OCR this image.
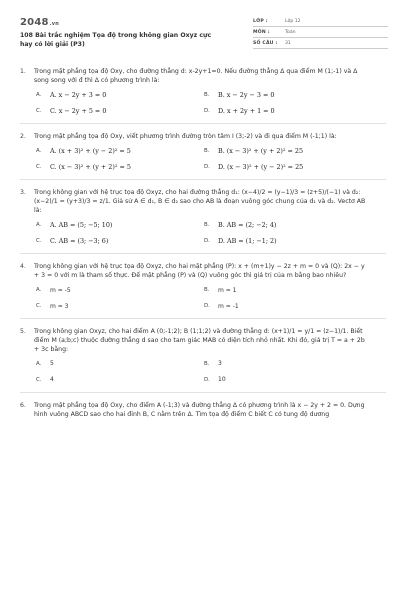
2048.vn
108 Bài trắc nghiệm Tọa độ trong không gian Oxyz cực hay có lời giải (P3)
LỚP :	Lớp 12
MÔN :	Toán
SỐ CÂU : 31
1. Trong mặt phẳng tọa độ Oxy, cho đường thẳng d: x-2y+1=0. Nếu đường thẳng Δ qua điểm M (1;-1) và Δ song song với đ thì Δ có phương trình là:
A. A. x − 2y + 3 = 0	B. B. x − 2y − 3 = 0
C. C. x − 2y + 5 = 0	D. D. x + 2y + 1 = 0
2. Trong mặt phẳng tọa độ Oxy, viết phương trình đường tròn tâm I (3;-2) và đi qua điểm M (-1;1) là:
A. A. (x + 3)² + (y − 2)² = 5	B. B. (x − 3)² + (y + 2)² = 25
C. C. (x − 3)² + (y + 2)² = 5	D. D. (x − 3)² + (y − 2)² = 25
3. Trong không gian với hệ trục tọa độ Oxyz, cho hai đường thẳng d₁: (x−4)/2 = (y−1)/3 = (z+5)/(−1) và d₂: (x−2)/1 = (y+3)/3 = z/1. Giả sử A ∈ d₁, B ∈ d₂ sao cho AB là đoạn vuông góc chung của d₁ và d₂. Vectơ AB là:
A. A. AB = (5; −5; 10)	B. B. AB = (2; −2; 4)
C. C. AB = (3; −3; 6)	D. D. AB = (1; −1; 2)
4. Trong không gian với hệ trục tọa độ Oxyz, cho hai mặt phẳng (P): x + (m+1)y − 2z + m = 0 và (Q): 2x − y + 3 = 0 với m là tham số thực. Để mặt phẳng (P) và (Q) vuông góc thì giá trị của m bằng bao nhiêu?
A. m = -5	B. m = 1
C. m = 3	D. m = -1
5. Trong không gian Oxyz, cho hai điểm A (0;-1;2); B (1;1;2) và đường thẳng d: (x+1)/1 = y/1 = (z−1)/1. Biết điểm M (a;b;c) thuộc đường thẳng d sao cho tam giác MAB có diện tích nhỏ nhất. Khi đó, giá trị T = a + 2b + 3c bằng:
A. 5	B. 3
C. 4	D. 10
6. Trong mặt phẳng tọa độ Oxy, cho điểm A (-1;3) và đường thẳng Δ có phương trình là x − 2y + 2 = 0. Dựng hình vuông ABCD sao cho hai đỉnh B, C nằm trên Δ. Tìm tọa độ điểm C biết C có tung độ dương
